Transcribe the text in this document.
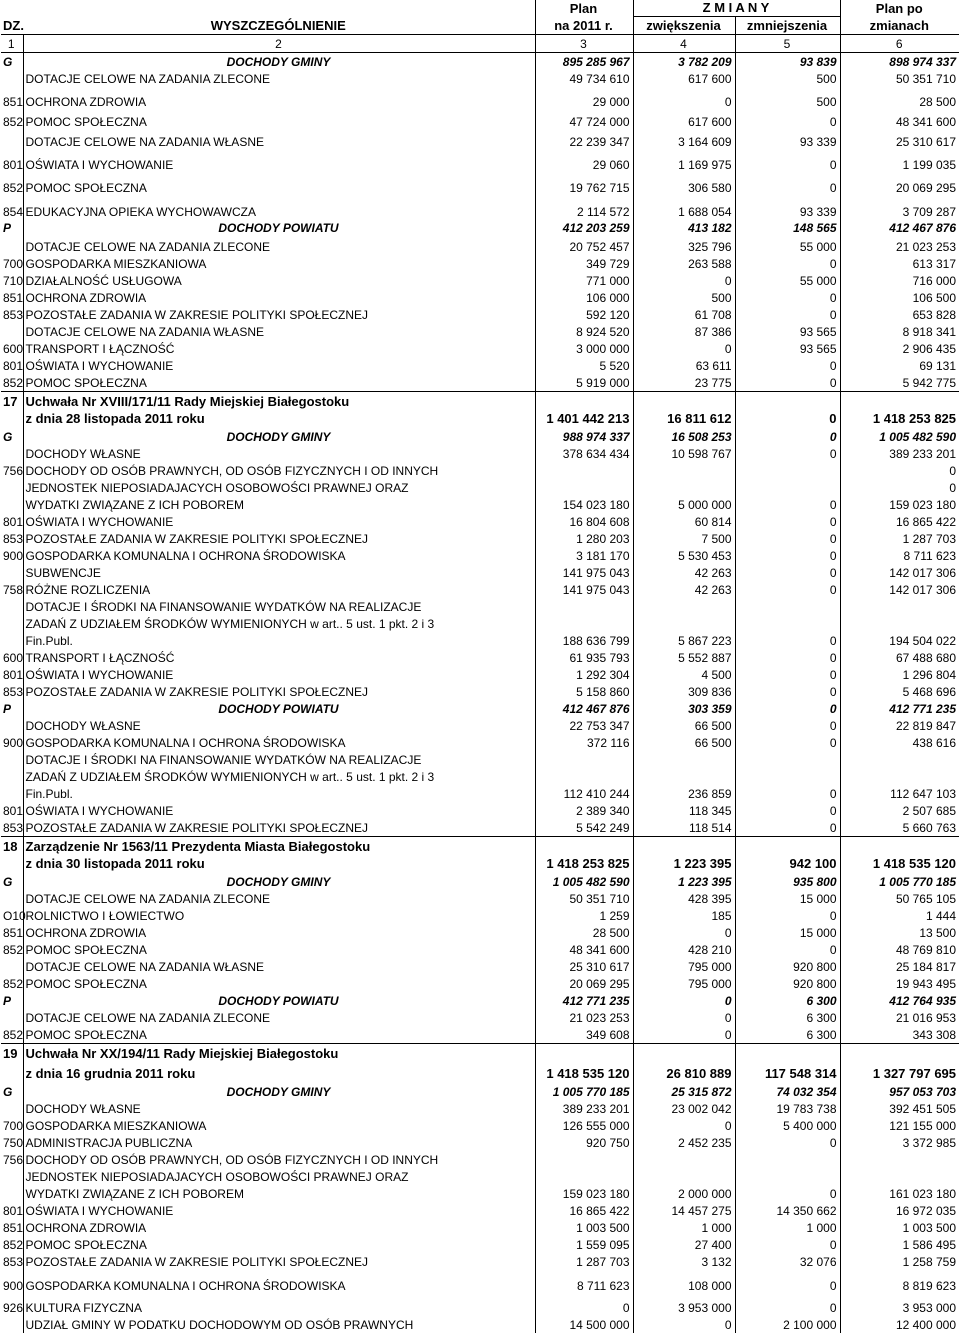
		Plan	Z M I A N Y		Plan po
DZ.	WYSZCZEGÓLNIENIE	na 2011 r.	zwiększenia	zmniejszenia	zmianach
1	2	3	4	5	6
G	DOCHODY GMINY	895 285 967	3 782 209	93 839	898 974 337
	DOTACJE CELOWE NA ZADANIA ZLECONE	49 734 610	617 600	500	50 351 710
851	OCHRONA ZDROWIA	29 000	0	500	28 500
852	POMOC SPOŁECZNA	47 724 000	617 600	0	48 341 600
	DOTACJE CELOWE NA ZADANIA WŁASNE	22 239 347	3 164 609	93 339	25 310 617
801	OŚWIATA I WYCHOWANIE	29 060	1 169 975	0	1 199 035
852	POMOC SPOŁECZNA	19 762 715	306 580	0	20 069 295
854	EDUKACYJNA OPIEKA WYCHOWAWCZA	2 114 572	1 688 054	93 339	3 709 287
P	DOCHODY POWIATU	412 203 259	413 182	148 565	412 467 876
	DOTACJE CELOWE NA ZADANIA ZLECONE	20 752 457	325 796	55 000	21 023 253
700	GOSPODARKA MIESZKANIOWA	349 729	263 588	0	613 317
710	DZIAŁALNOŚĆ USŁUGOWA	771 000	0	55 000	716 000
851	OCHRONA ZDROWIA	106 000	500	0	106 500
853	POZOSTAŁE ZADANIA W ZAKRESIE POLITYKI SPOŁECZNEJ	592 120	61 708	0	653 828
	DOTACJE CELOWE NA ZADANIA WŁASNE	8 924 520	87 386	93 565	8 918 341
600	TRANSPORT I ŁĄCZNOŚĆ	3 000 000	0	93 565	2 906 435
801	OŚWIATA I WYCHOWANIE	5 520	63 611	0	69 131
852	POMOC SPOŁECZNA	5 919 000	23 775	0	5 942 775
17	Uchwała Nr XVIII/171/11 Rady Miejskiej Białegostoku				
	z dnia 28 listopada 2011 roku	1 401 442 213	16 811 612	0	1 418 253 825
G	DOCHODY GMINY	988 974 337	16 508 253	0	1 005 482 590
	DOCHODY WŁASNE	378 634 434	10 598 767	0	389 233 201
756	DOCHODY OD OSÓB PRAWNYCH, OD OSÓB FIZYCZNYCH I OD INNYCH				0
	JEDNOSTEK NIEPOSIADAJACYCH OSOBOWOŚCI PRAWNEJ ORAZ				0
	WYDATKI ZWIĄZANE Z ICH POBOREM	154 023 180	5 000 000	0	159 023 180
801	OŚWIATA I WYCHOWANIE	16 804 608	60 814	0	16 865 422
853	POZOSTAŁE ZADANIA W ZAKRESIE POLITYKI SPOŁECZNEJ	1 280 203	7 500	0	1 287 703
900	GOSPODARKA KOMUNALNA I OCHRONA ŚRODOWISKA	3 181 170	5 530 453	0	8 711 623
	SUBWENCJE	141 975 043	42 263	0	142 017 306
758	RÓŻNE ROZLICZENIA	141 975 043	42 263	0	142 017 306
	DOTACJE I ŚRODKI NA FINANSOWANIE WYDATKÓW NA REALIZACJE				
	ZADAŃ Z UDZIAŁEM ŚRODKÓW WYMIENIONYCH w art.. 5 ust. 1 pkt. 2 i 3				
	Fin.Publ.	188 636 799	5 867 223	0	194 504 022
600	TRANSPORT I ŁĄCZNOŚĆ	61 935 793	5 552 887	0	67 488 680
801	OŚWIATA I WYCHOWANIE	1 292 304	4 500	0	1 296 804
853	POZOSTAŁE ZADANIA W ZAKRESIE POLITYKI SPOŁECZNEJ	5 158 860	309 836	0	5 468 696
P	DOCHODY POWIATU	412 467 876	303 359	0	412 771 235
	DOCHODY WŁASNE	22 753 347	66 500	0	22 819 847
900	GOSPODARKA KOMUNALNA I OCHRONA ŚRODOWISKA	372 116	66 500	0	438 616
	DOTACJE I ŚRODKI NA FINANSOWANIE WYDATKÓW NA REALIZACJE				
	ZADAŃ Z UDZIAŁEM ŚRODKÓW WYMIENIONYCH w art.. 5 ust. 1 pkt. 2 i 3				
	Fin.Publ.	112 410 244	236 859	0	112 647 103
801	OŚWIATA I WYCHOWANIE	2 389 340	118 345	0	2 507 685
853	POZOSTAŁE ZADANIA W ZAKRESIE POLITYKI SPOŁECZNEJ	5 542 249	118 514	0	5 660 763
18	Zarządzenie Nr 1563/11 Prezydenta Miasta Białegostoku				
	z dnia 30 listopada 2011 roku	1 418 253 825	1 223 395	942 100	1 418 535 120
G	DOCHODY GMINY	1 005 482 590	1 223 395	935 800	1 005 770 185
	DOTACJE CELOWE NA ZADANIA ZLECONE	50 351 710	428 395	15 000	50 765 105
O10	ROLNICTWO I ŁOWIECTWO	1 259	185	0	1 444
851	OCHRONA ZDROWIA	28 500	0	15 000	13 500
852	POMOC SPOŁECZNA	48 341 600	428 210	0	48 769 810
	DOTACJE CELOWE NA ZADANIA WŁASNE	25 310 617	795 000	920 800	25 184 817
852	POMOC SPOŁECZNA	20 069 295	795 000	920 800	19 943 495
P	DOCHODY POWIATU	412 771 235	0	6 300	412 764 935
	DOTACJE CELOWE NA ZADANIA ZLECONE	21 023 253	0	6 300	21 016 953
852	POMOC SPOŁECZNA	349 608	0	6 300	343 308
19	Uchwała Nr XX/194/11 Rady Miejskiej Białegostoku				
	z dnia 16 grudnia 2011 roku	1 418 535 120	26 810 889	117 548 314	1 327 797 695
G	DOCHODY GMINY	1 005 770 185	25 315 872	74 032 354	957 053 703
	DOCHODY WŁASNE	389 233 201	23 002 042	19 783 738	392 451 505
700	GOSPODARKA MIESZKANIOWA	126 555 000	0	5 400 000	121 155 000
750	ADMINISTRACJA PUBLICZNA	920 750	2 452 235	0	3 372 985
756	DOCHODY OD OSÓB PRAWNYCH, OD OSÓB FIZYCZNYCH I OD INNYCH				
	JEDNOSTEK NIEPOSIADAJACYCH OSOBOWOŚCI PRAWNEJ ORAZ				
	WYDATKI ZWIĄZANE Z ICH POBOREM	159 023 180	2 000 000	0	161 023 180
801	OŚWIATA I WYCHOWANIE	16 865 422	14 457 275	14 350 662	16 972 035
851	OCHRONA ZDROWIA	1 003 500	1 000	1 000	1 003 500
852	POMOC SPOŁECZNA	1 559 095	27 400	0	1 586 495
853	POZOSTAŁE ZADANIA W ZAKRESIE POLITYKI SPOŁECZNEJ	1 287 703	3 132	32 076	1 258 759
900	GOSPODARKA KOMUNALNA I OCHRONA ŚRODOWISKA	8 711 623	108 000	0	8 819 623
926	KULTURA FIZYCZNA	0	3 953 000	0	3 953 000
	UDZIAŁ GMINY W PODATKU DOCHODOWYM OD OSÓB PRAWNYCH	14 500 000	0	2 100 000	12 400 000
